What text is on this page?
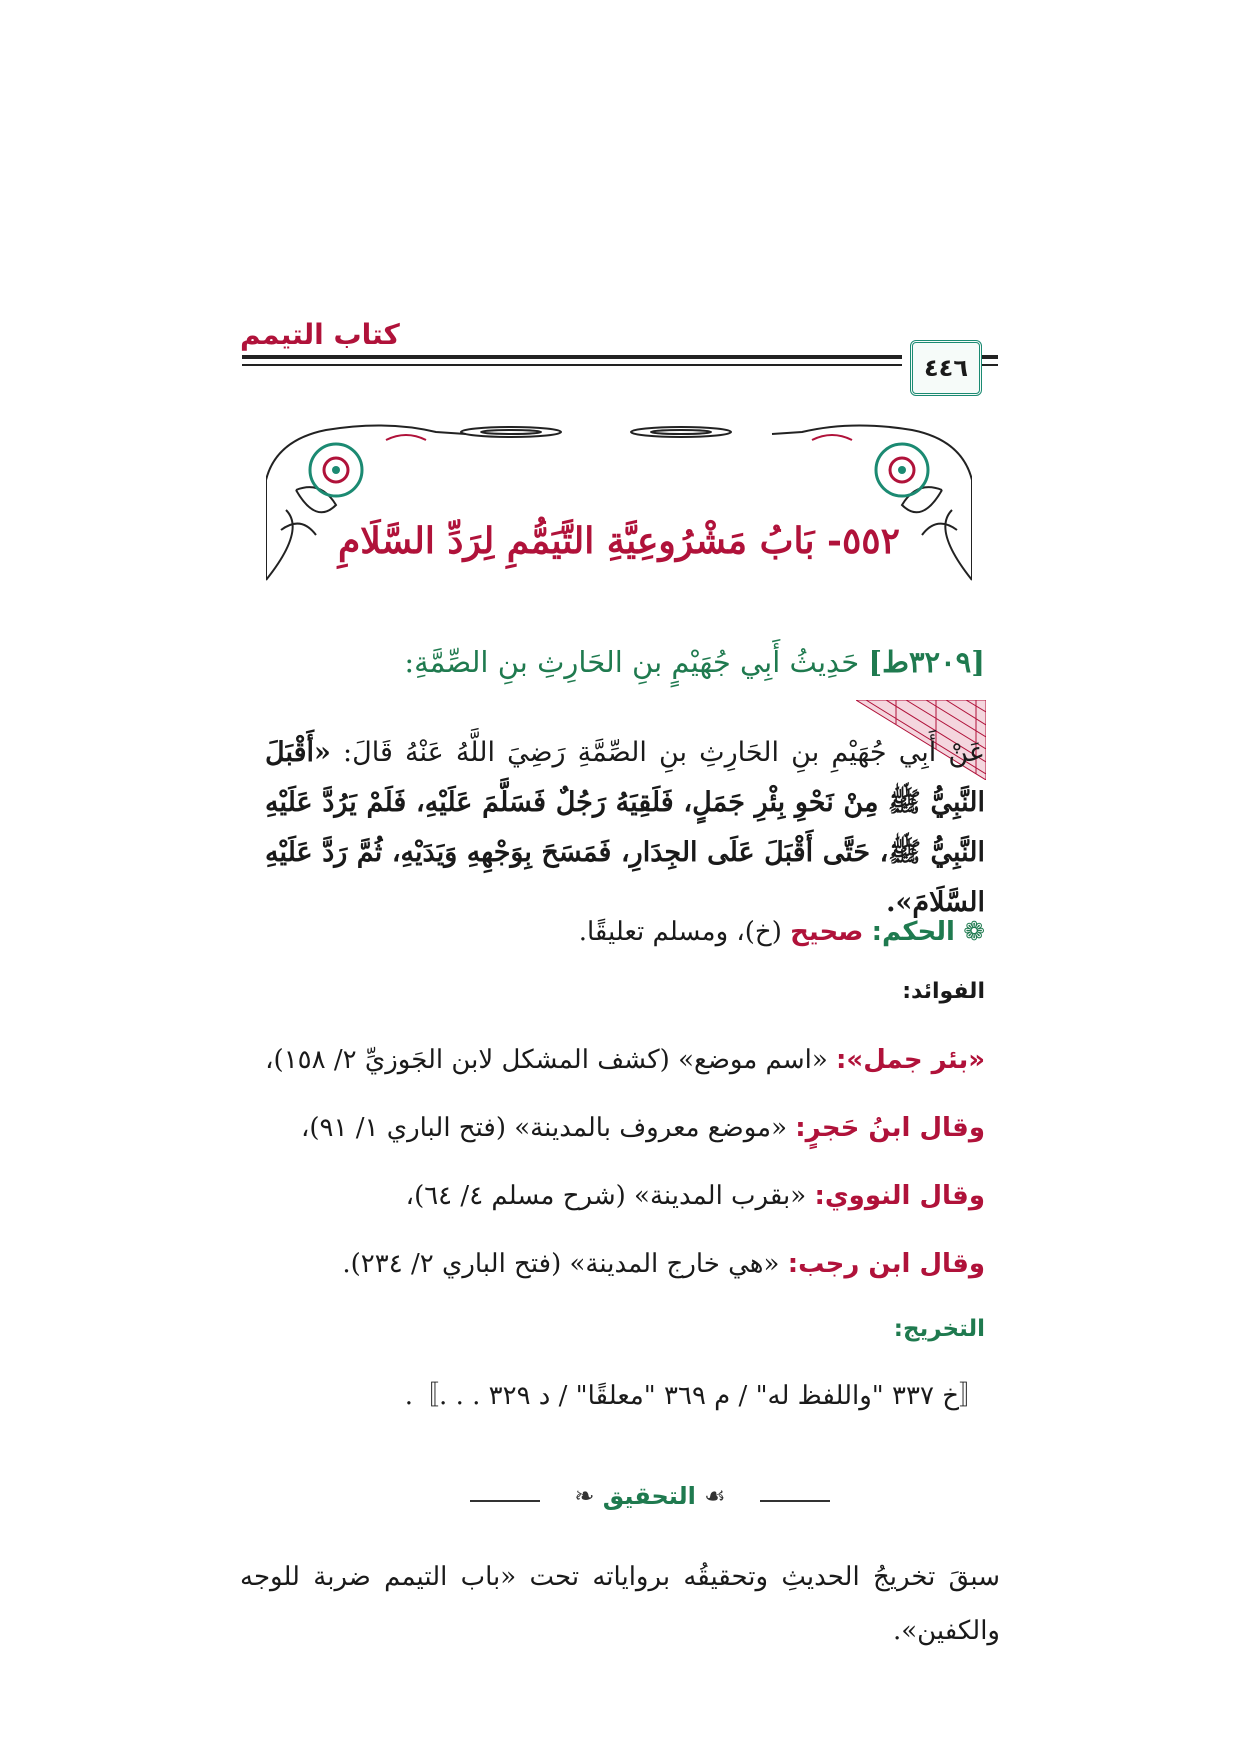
كتاب التيمم
٤٤٦
٥٥٢- بَابُ مَشْرُوعِيَّةِ التَّيَمُّمِ لِرَدِّ السَّلَامِ
[٣٢٠٩ط] حَدِيثُ أَبِي جُهَيْمٍ بنِ الحَارِثِ بنِ الصِّمَّةِ:
عَنْ أَبِي جُهَيْمِ بنِ الحَارِثِ بنِ الصِّمَّةِ رَضِيَ اللَّهُ عَنْهُ قَالَ: «أَقْبَلَ النَّبِيُّ ﷺ مِنْ نَحْوِ بِئْرِ جَمَلٍ، فَلَقِيَهُ رَجُلٌ فَسَلَّمَ عَلَيْهِ، فَلَمْ يَرُدَّ عَلَيْهِ النَّبِيُّ ﷺ، حَتَّى أَقْبَلَ عَلَى الجِدَارِ، فَمَسَحَ بِوَجْهِهِ وَيَدَيْهِ، ثُمَّ رَدَّ عَلَيْهِ السَّلَامَ».
❁ الحكم: صحيح (خ)، ومسلم تعليقًا.
الفوائد:
«بئر جمل»: «اسم موضع» (كشف المشكل لابن الجَوزيِّ ٢/ ١٥٨)،
وقال ابنُ حَجرٍ: «موضع معروف بالمدينة» (فتح الباري ١/ ٩١)،
وقال النووي: «بقرب المدينة» (شرح مسلم ٤/ ٦٤)،
وقال ابن رجب: «هي خارج المدينة» (فتح الباري ٢/ ٢٣٤).
التخريج:
〚خ ٣٣٧ "واللفظ له" / م ٣٦٩ "معلقًا" / د ٣٢٩ . . .〛.
❧ التحقيق ☙
سبقَ تخريجُ الحديثِ وتحقيقُه برواياته تحت «باب التيمم ضربة للوجه والكفين».
